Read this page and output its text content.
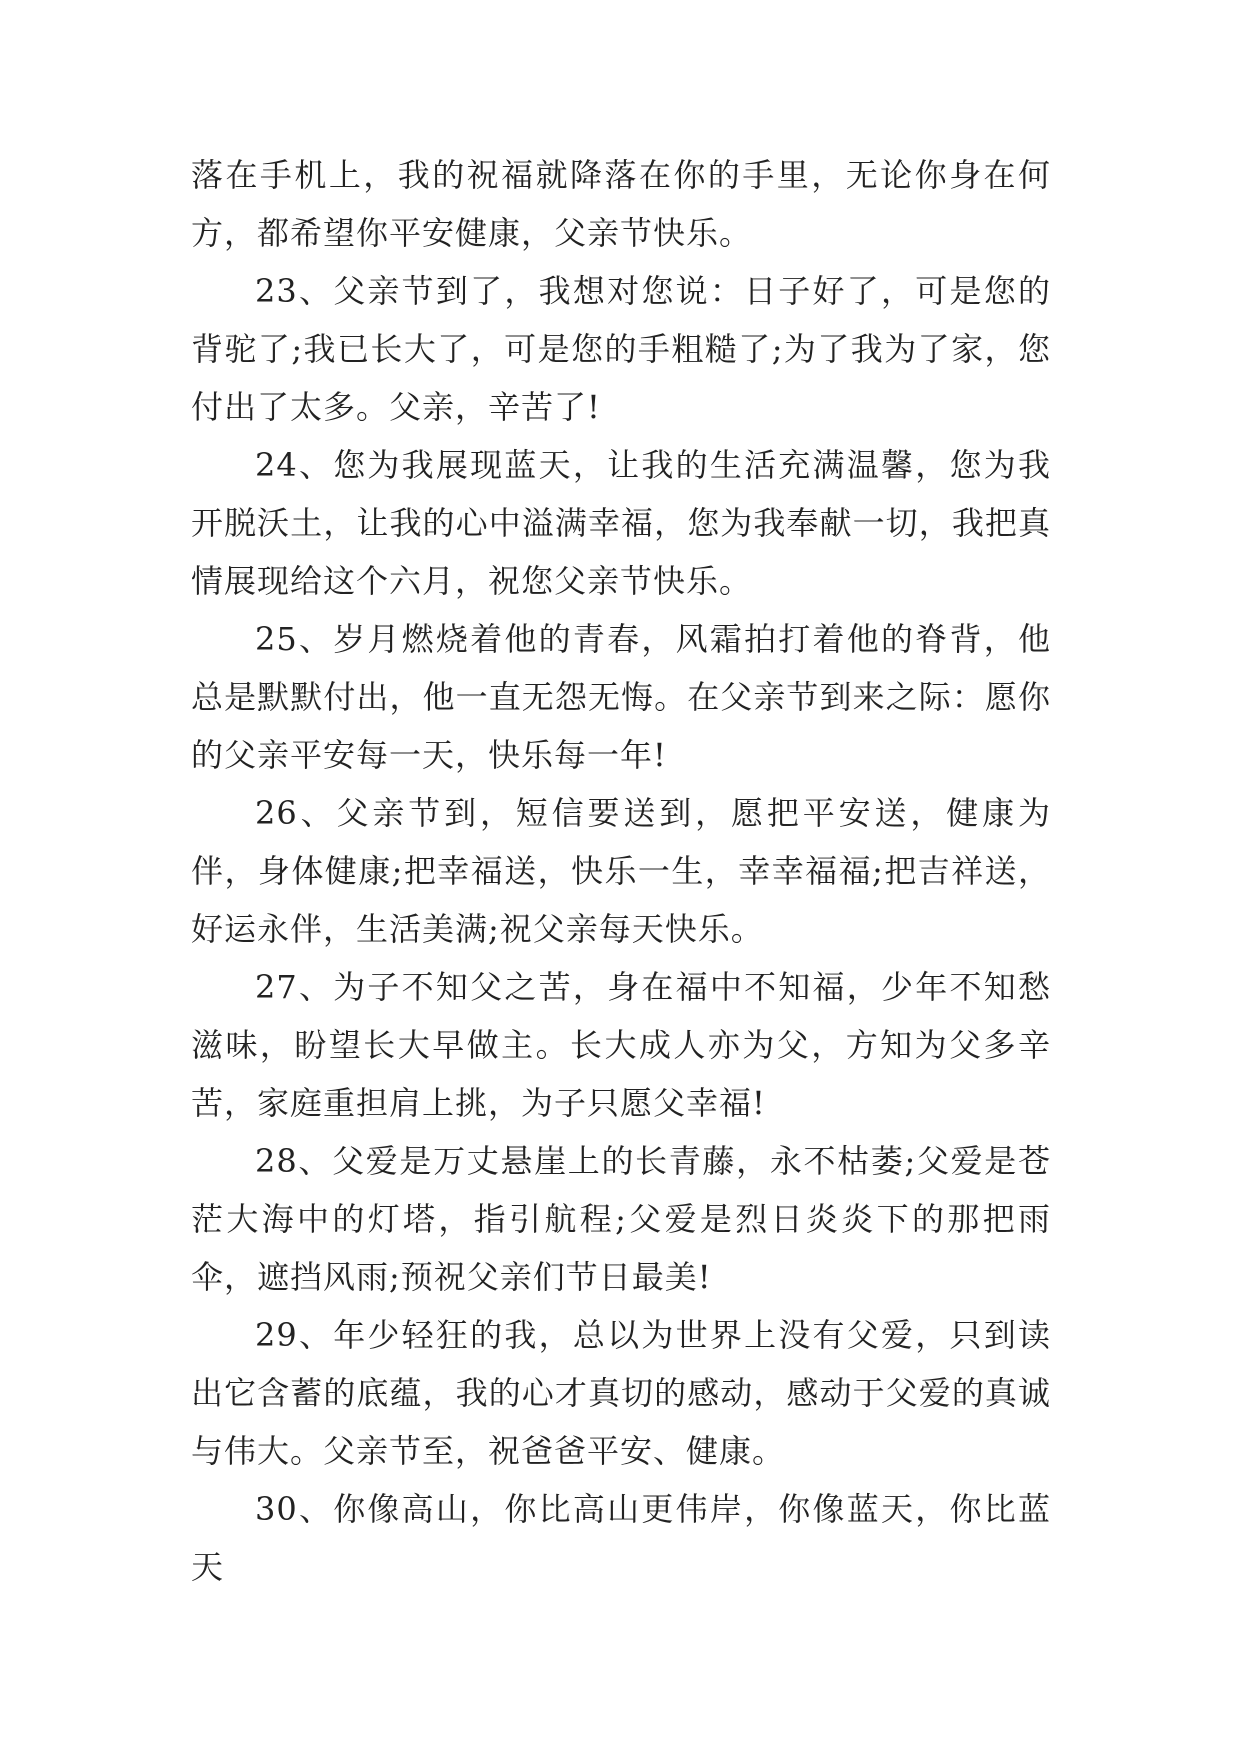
落在手机上，我的祝福就降落在你的手里，无论你身在何方，都希望你平安健康，父亲节快乐。

23、父亲节到了，我想对您说：日子好了，可是您的背驼了;我已长大了，可是您的手粗糙了;为了我为了家，您付出了太多。父亲，辛苦了!

24、您为我展现蓝天，让我的生活充满温馨，您为我开脱沃土，让我的心中溢满幸福，您为我奉献一切，我把真情展现给这个六月，祝您父亲节快乐。

25、岁月燃烧着他的青春，风霜拍打着他的脊背，他总是默默付出，他一直无怨无悔。在父亲节到来之际：愿你的父亲平安每一天，快乐每一年!

26、父亲节到，短信要送到，愿把平安送，健康为伴，身体健康;把幸福送，快乐一生，幸幸福福;把吉祥送，好运永伴，生活美满;祝父亲每天快乐。

27、为子不知父之苦，身在福中不知福，少年不知愁滋味，盼望长大早做主。长大成人亦为父，方知为父多辛苦，家庭重担肩上挑，为子只愿父幸福!

28、父爱是万丈悬崖上的长青藤，永不枯萎;父爱是苍茫大海中的灯塔，指引航程;父爱是烈日炎炎下的那把雨伞，遮挡风雨;预祝父亲们节日最美!

29、年少轻狂的我，总以为世界上没有父爱，只到读出它含蓄的底蕴，我的心才真切的感动，感动于父爱的真诚与伟大。父亲节至，祝爸爸平安、健康。

30、你像高山，你比高山更伟岸，你像蓝天，你比蓝天
